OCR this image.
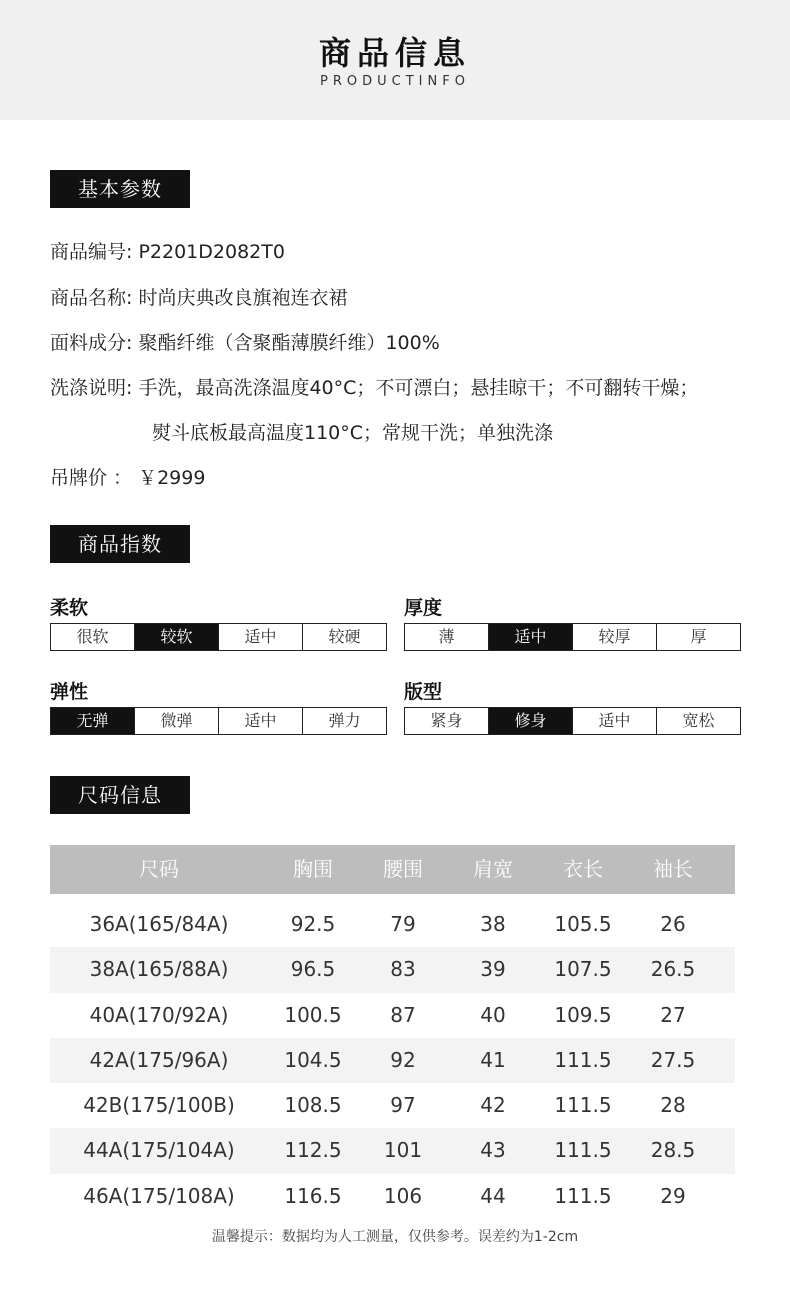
商品信息
PRODUCTINFO
基本参数
商品编号: P2201D2082T0
商品名称: 时尚庆典改良旗袍连衣裙
面料成分: 聚酯纤维（含聚酯薄膜纤维）100%
洗涤说明: 手洗，最高洗涤温度40°C；不可漂白；悬挂晾干；不可翻转干燥；
熨斗底板最高温度110°C；常规干洗；单独洗涤
吊牌价 ： ￥2999
商品指数
柔软
很软	较软	适中	较硬
厚度
薄	适中	较厚	厚
弹性
无弹	微弹	适中	弹力
版型
紧身	修身	适中	宽松
尺码信息
尺码	胸围	腰围	肩宽	衣长	袖长
36A(165/84A)	92.5	79	38	105.5	26
38A(165/88A)	96.5	83	39	107.5	26.5
40A(170/92A)	100.5	87	40	109.5	27
42A(175/96A)	104.5	92	41	111.5	27.5
42B(175/100B)	108.5	97	42	111.5	28
44A(175/104A)	112.5	101	43	111.5	28.5
46A(175/108A)	116.5	106	44	111.5	29
温馨提示：数据均为人工测量，仅供参考。误差约为1-2cm
